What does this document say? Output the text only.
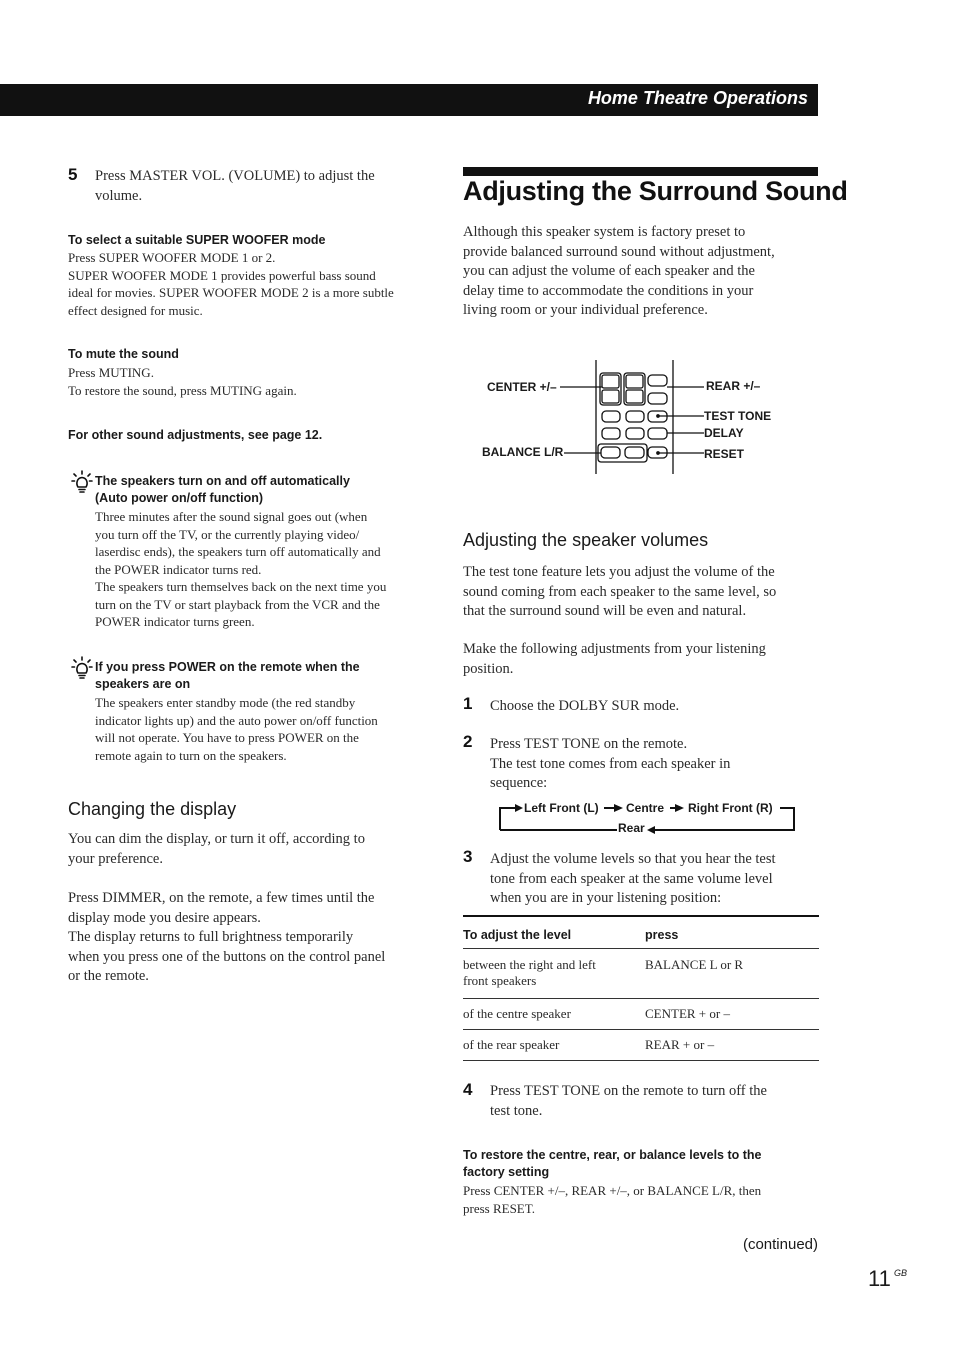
Home Theatre Operations
5 Press MASTER VOL. (VOLUME) to adjust the volume.
To select a suitable SUPER WOOFER mode
Press SUPER WOOFER MODE 1 or 2.
SUPER WOOFER MODE 1 provides powerful bass sound
ideal for movies. SUPER WOOFER MODE 2 is a more subtle
effect designed for music.
To mute the sound
Press MUTING.
To restore the sound, press MUTING again.
For other sound adjustments, see page 12.
The speakers turn on and off automatically
(Auto power on/off function)
Three minutes after the sound signal goes out (when
you turn off the TV, or the currently playing video/
laserdisc ends), the speakers turn off automatically and
the POWER indicator turns red.
The speakers turn themselves back on the next time you
turn on the TV or start playback from the VCR and the
POWER indicator turns green.
If you press POWER on the remote when the
speakers are on
The speakers enter standby mode (the red standby
indicator lights up) and the auto power on/off function
will not operate. You have to press POWER on the
remote again to turn on the speakers.
Changing the display
You can dim the display, or turn it off, according to
your preference.
Press DIMMER, on the remote, a few times until the
display mode you desire appears.
The display returns to full brightness temporarily
when you press one of the buttons on the control panel
or the remote.
Adjusting the Surround Sound
Although this speaker system is factory preset to
provide balanced surround sound without adjustment,
you can adjust the volume of each speaker and the
delay time to accommodate the conditions in your
living room or your individual preference.
CENTER +/–
BALANCE L/R
REAR +/–
TEST TONE
DELAY
RESET
Adjusting the speaker volumes
The test tone feature lets you adjust the volume of the
sound coming from each speaker to the same level, so
that the surround sound will be even and natural.
Make the following adjustments from your listening
position.
1 Choose the DOLBY SUR mode.
2 Press TEST TONE on the remote.
The test tone comes from each speaker in
sequence:
Left Front (L) Centre Right Front (R)
Rear
3 Adjust the volume levels so that you hear the test
tone from each speaker at the same volume level
when you are in your listening position:
To adjust the level	press

between the right and left
front speakers	BALANCE L or R
of the centre speaker	CENTER + or –
of the rear speaker	REAR + or –
4 Press TEST TONE on the remote to turn off the
test tone.
To restore the centre, rear, or balance levels to the
factory setting
Press CENTER +/–, REAR +/–, or BALANCE L/R, then
press RESET.
(continued)
11 GB
